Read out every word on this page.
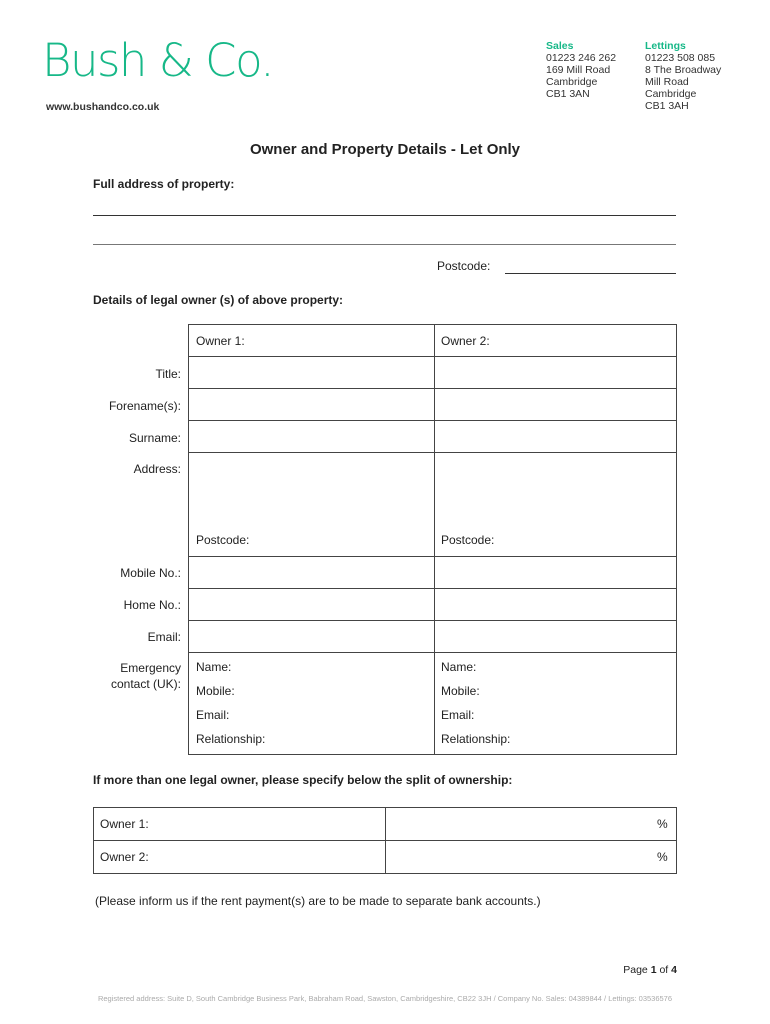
Bush & Co.
www.bushandco.co.uk
Sales
01223 246 262
169 Mill Road
Cambridge
CB1 3AN
Lettings
01223 508 085
8 The Broadway
Mill Road
Cambridge
CB1 3AH
Owner and Property Details - Let Only
Full address of property:
Postcode:
Details of legal owner (s) of above property:
Owner 1:	Owner 2:
Title:
Forename(s):
Surname:
Address:
Postcode:	Postcode:
Mobile No.:
Home No.:
Email:
Emergency
contact (UK):
Name:
Mobile:
Email:
Relationship:
Name:
Mobile:
Email:
Relationship:
If more than one legal owner, please specify below the split of ownership:
Owner 1:
Owner 2:
%
%
(Please inform us if the rent payment(s) are to be made to separate bank accounts.)
Page 1 of 4
Registered address: Suite D, South Cambridge Business Park, Babraham Road, Sawston, Cambridgeshire, CB22 3JH / Company No. Sales: 04389844 / Lettings: 03536576
